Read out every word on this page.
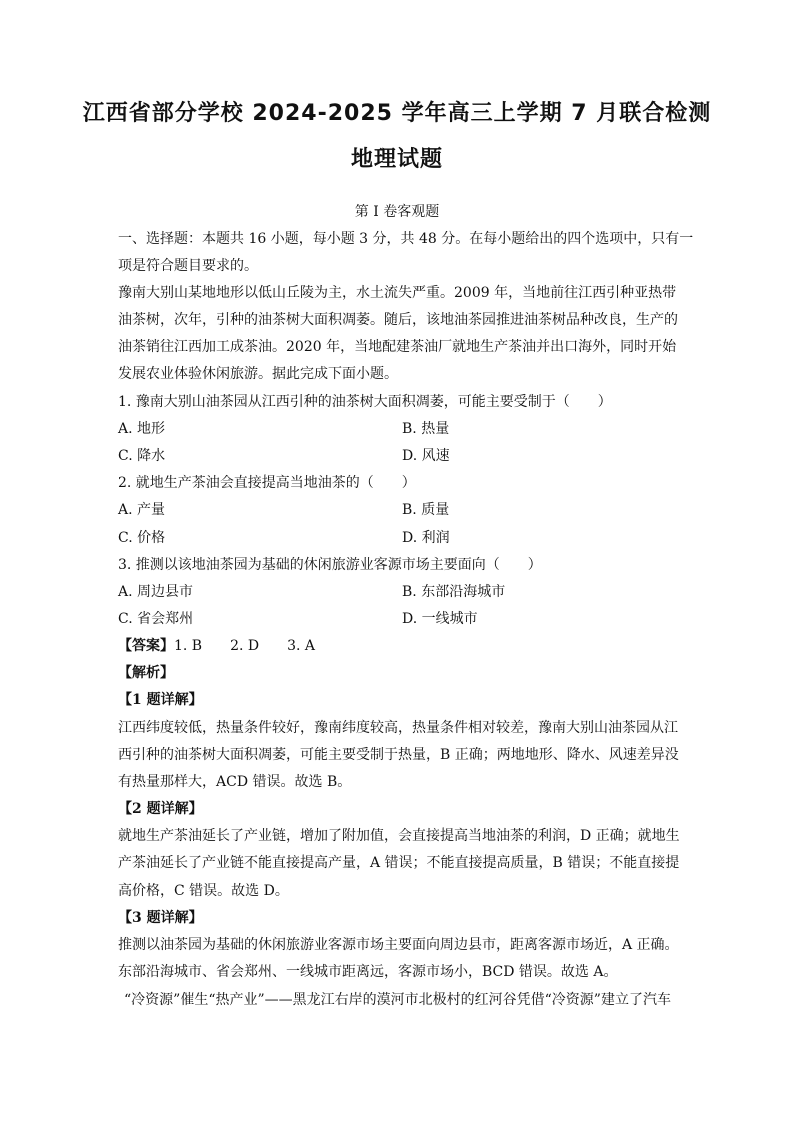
江西省部分学校 2024-2025 学年高三上学期 7 月联合检测
地理试题
第 I 卷客观题
一、选择题：本题共 16 小题，每小题 3 分，共 48 分。在每小题给出的四个选项中，只有一
项是符合题目要求的。
豫南大别山某地地形以低山丘陵为主，水土流失严重。2009 年，当地前往江西引种亚热带
油茶树，次年，引种的油茶树大面积凋萎。随后，该地油茶园推进油茶树品种改良，生产的
油茶销往江西加工成茶油。2020 年，当地配建茶油厂就地生产茶油并出口海外，同时开始
发展农业体验休闲旅游。据此完成下面小题。
1. 豫南大别山油茶园从江西引种的油茶树大面积凋萎，可能主要受制于（　　）
A. 地形	B. 热量
C. 降水	D. 风速
2. 就地生产茶油会直接提高当地油茶的（　　）
A. 产量	B. 质量
C. 价格	D. 利润
3. 推测以该地油茶园为基础的休闲旅游业客源市场主要面向（　　）
A. 周边县市	B. 东部沿海城市
C. 省会郑州	D. 一线城市
【答案】1. B　　2. D　　3. A
【解析】
【1 题详解】
江西纬度较低，热量条件较好，豫南纬度较高，热量条件相对较差，豫南大别山油茶园从江
西引种的油茶树大面积凋萎，可能主要受制于热量，B 正确；两地地形、降水、风速差异没
有热量那样大，ACD 错误。故选 B。
【2 题详解】
就地生产茶油延长了产业链，增加了附加值，会直接提高当地油茶的利润，D 正确；就地生
产茶油延长了产业链不能直接提高产量，A 错误；不能直接提高质量，B 错误；不能直接提
高价格，C 错误。故选 D。
【3 题详解】
推测以油茶园为基础的休闲旅游业客源市场主要面向周边县市，距离客源市场近，A 正确。
东部沿海城市、省会郑州、一线城市距离远，客源市场小，BCD 错误。故选 A。
“冷资源”催生“热产业”——黑龙江右岸的漠河市北极村的红河谷凭借“冷资源”建立了汽车
